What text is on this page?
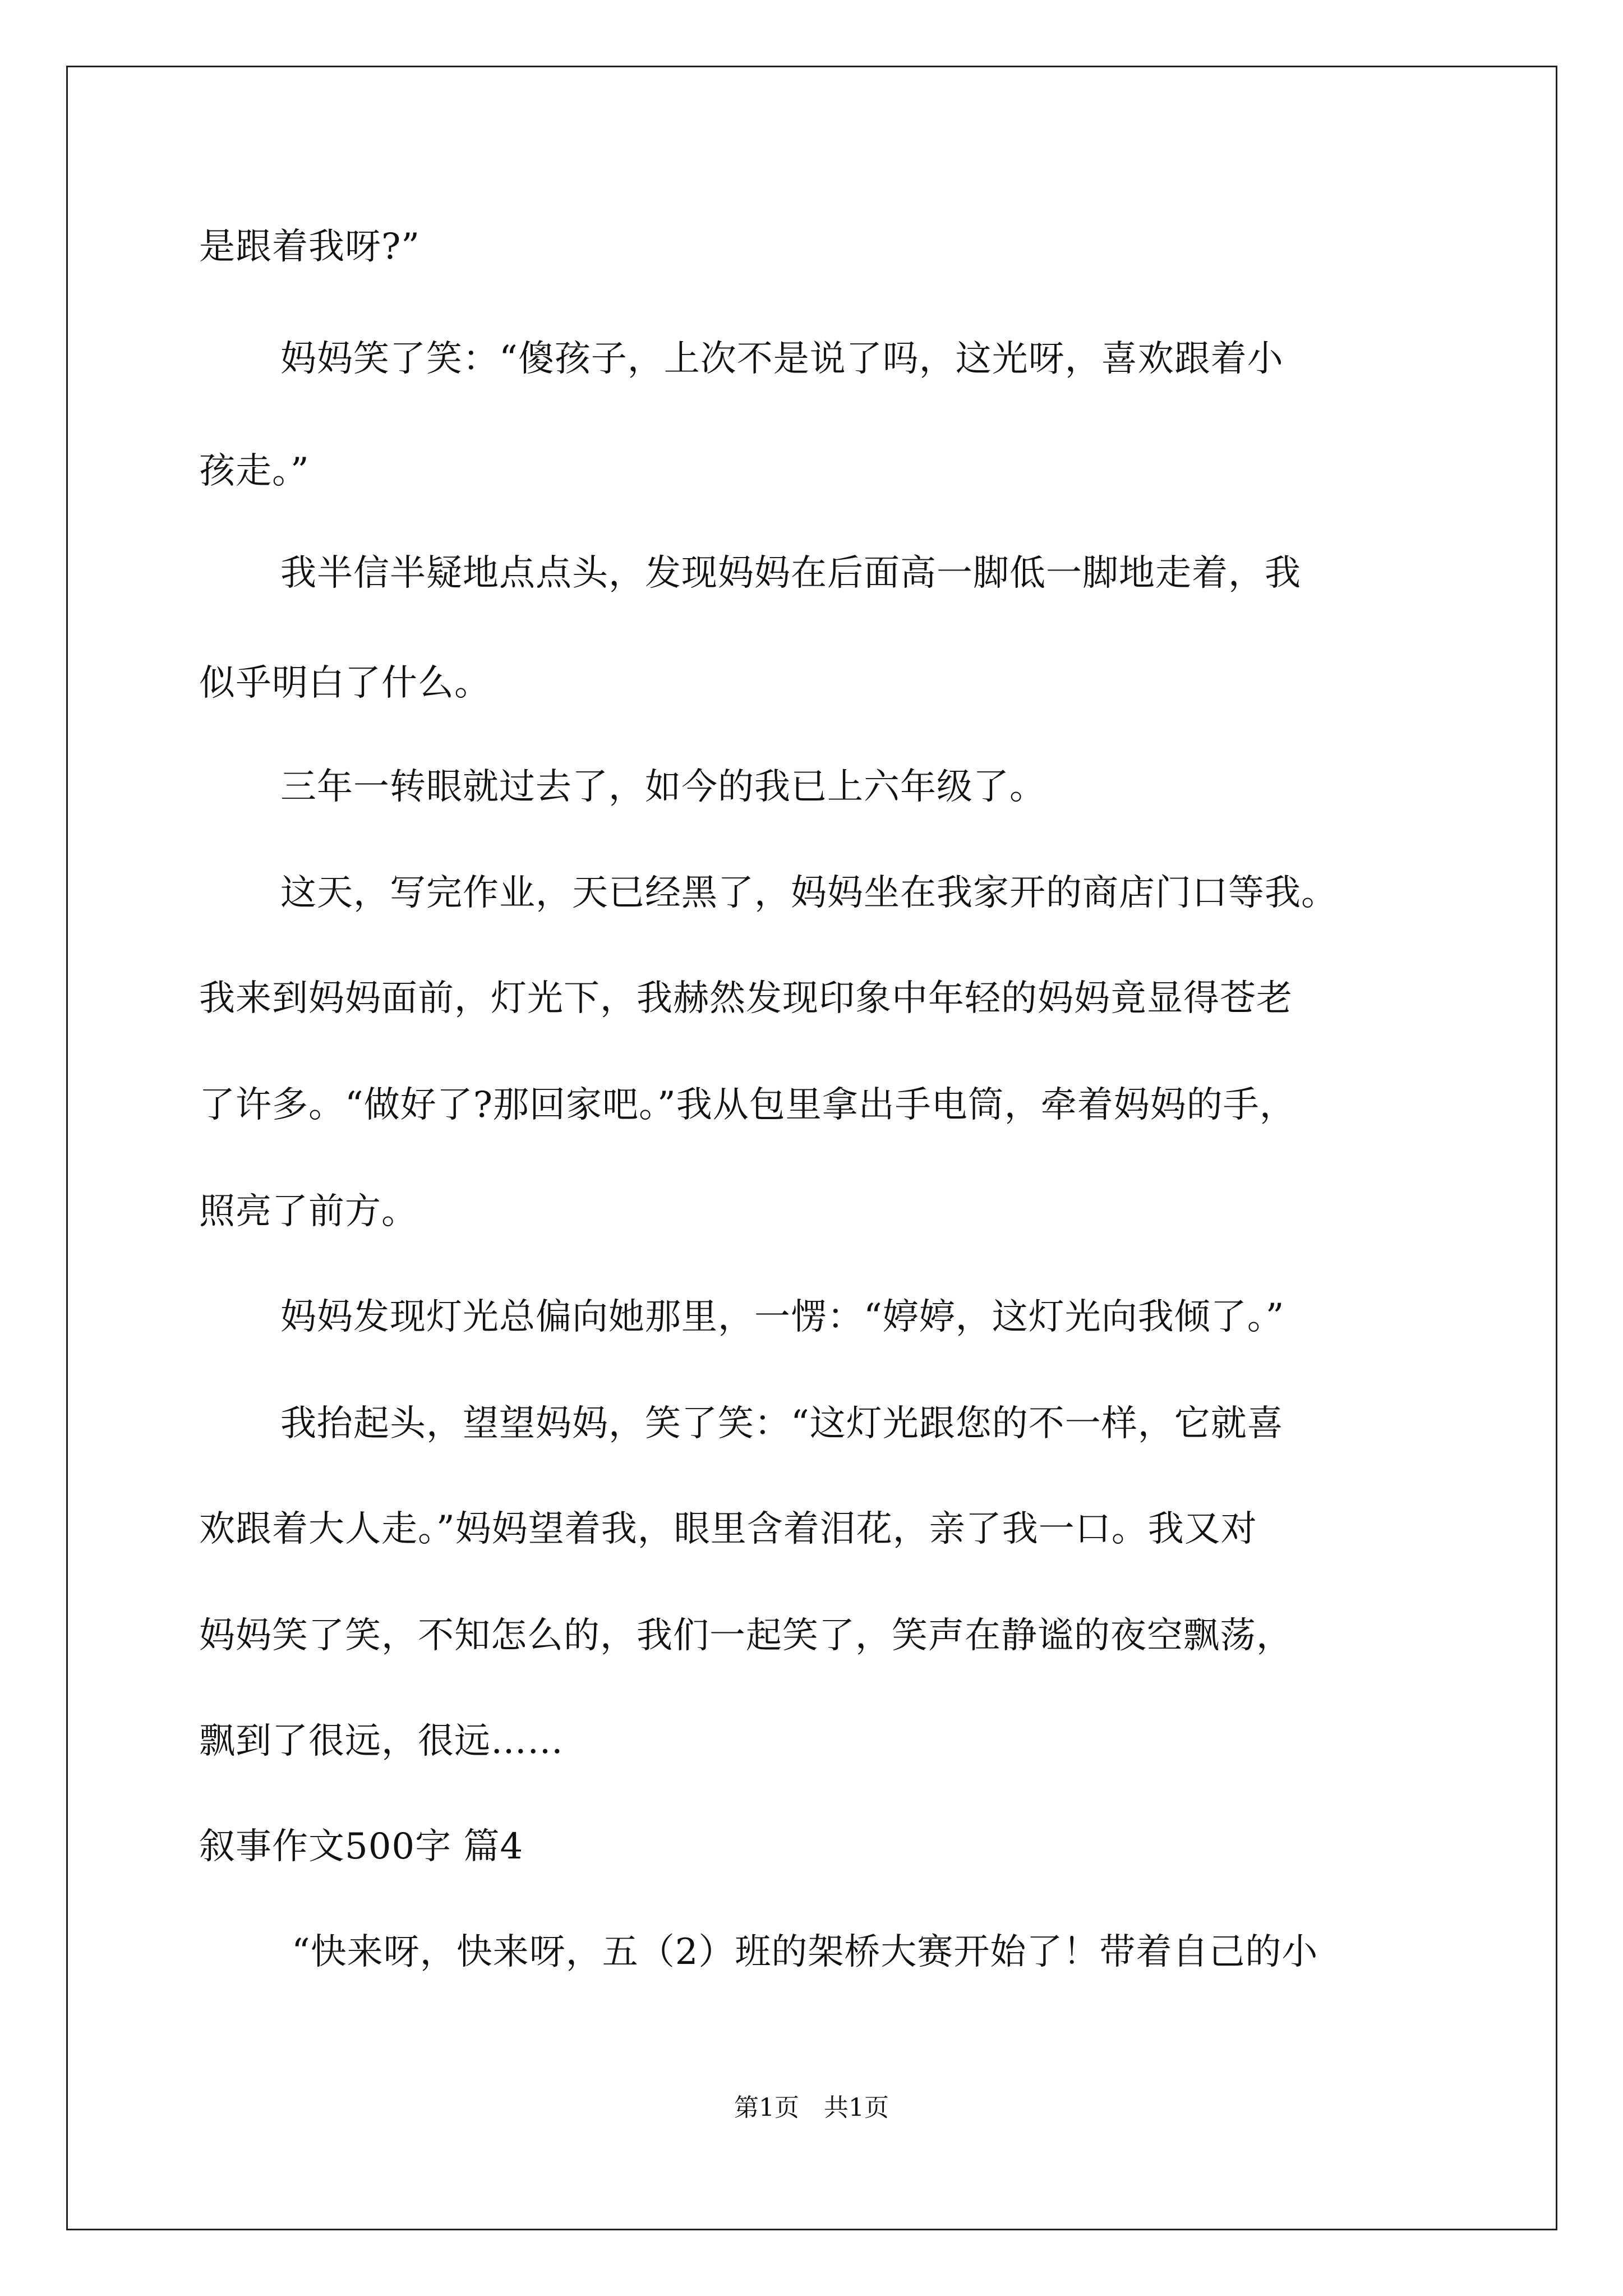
是跟着我呀?”
妈妈笑了笑：“傻孩子，上次不是说了吗，这光呀，喜欢跟着小
孩走。”
我半信半疑地点点头，发现妈妈在后面高一脚低一脚地走着，我
似乎明白了什么。
三年一转眼就过去了，如今的我已上六年级了。
这天，写完作业，天已经黑了，妈妈坐在我家开的商店门口等我。
我来到妈妈面前，灯光下，我赫然发现印象中年轻的妈妈竟显得苍老
了许多。“做好了?那回家吧。”我从包里拿出手电筒，牵着妈妈的手，
照亮了前方。
妈妈发现灯光总偏向她那里，一愣：“婷婷，这灯光向我倾了。”
我抬起头，望望妈妈，笑了笑：“这灯光跟您的不一样，它就喜
欢跟着大人走。”妈妈望着我，眼里含着泪花，亲了我一口。我又对
妈妈笑了笑，不知怎么的，我们一起笑了，笑声在静谧的夜空飘荡，
飘到了很远，很远……
叙事作文500字 篇4
“快来呀，快来呀，五（2）班的架桥大赛开始了！带着自己的小
第1页　共1页
